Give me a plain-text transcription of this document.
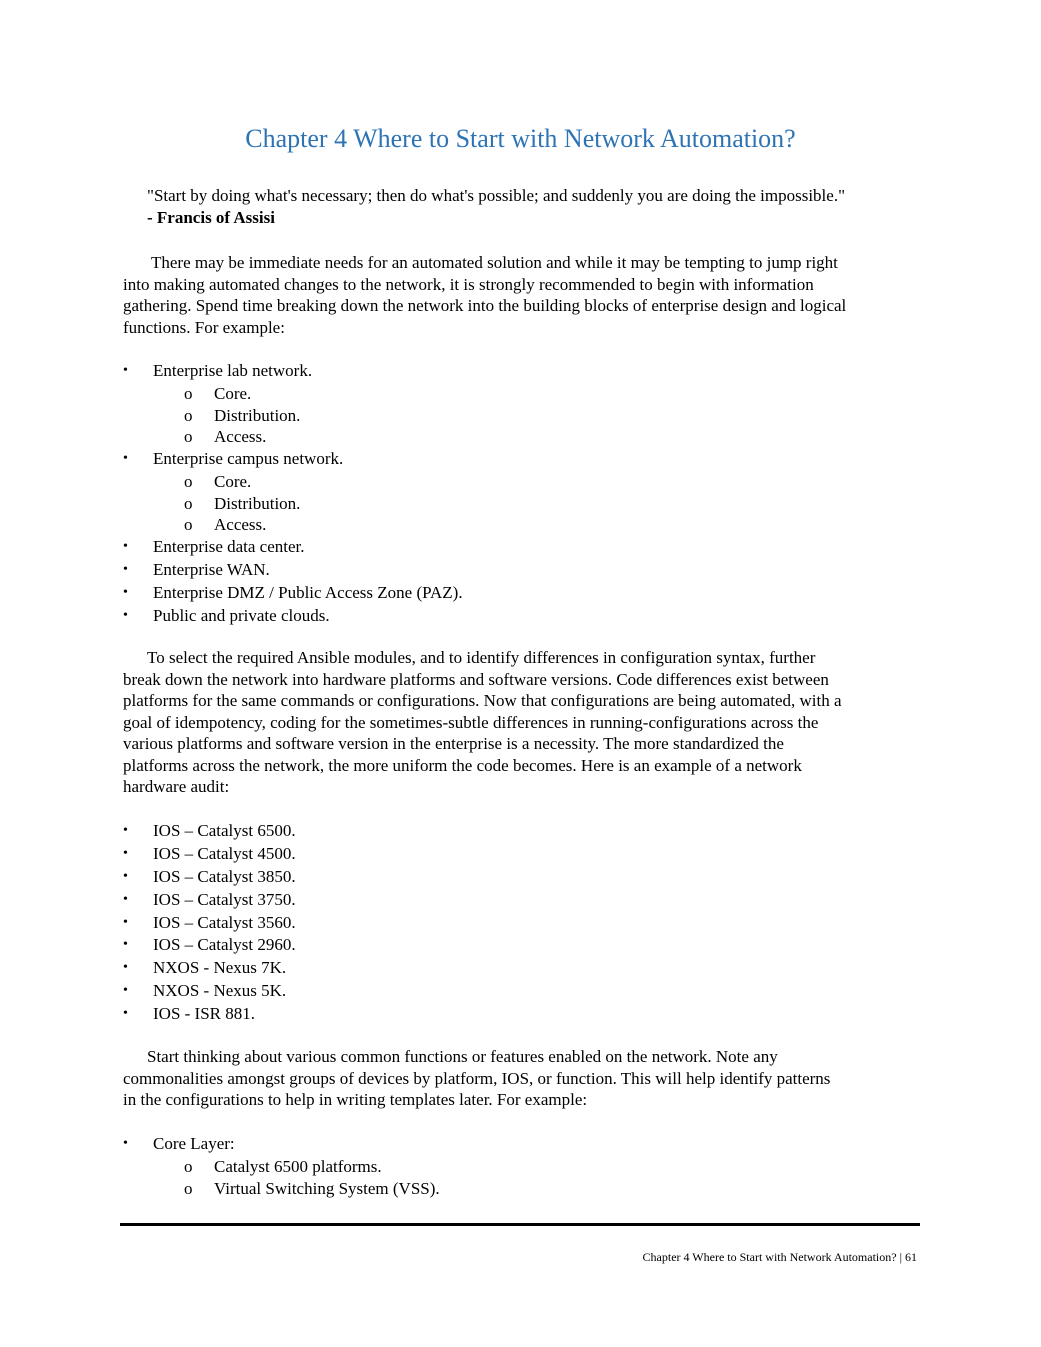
Chapter 4 Where to Start with Network Automation?
"Start by doing what's necessary; then do what's possible; and suddenly you are doing the impossible."
- Francis of Assisi
There may be immediate needs for an automated solution and while it may be tempting to jump right
into making automated changes to the network, it is strongly recommended to begin with information
gathering. Spend time breaking down the network into the building blocks of enterprise design and logical
functions. For example:
• Enterprise lab network.
o Core.
o Distribution.
o Access.
• Enterprise campus network.
o Core.
o Distribution.
o Access.
• Enterprise data center.
• Enterprise WAN.
• Enterprise DMZ / Public Access Zone (PAZ).
• Public and private clouds.
To select the required Ansible modules, and to identify differences in configuration syntax, further
break down the network into hardware platforms and software versions. Code differences exist between
platforms for the same commands or configurations. Now that configurations are being automated, with a
goal of idempotency, coding for the sometimes-subtle differences in running-configurations across the
various platforms and software version in the enterprise is a necessity. The more standardized the
platforms across the network, the more uniform the code becomes. Here is an example of a network
hardware audit:
• IOS – Catalyst 6500.
• IOS – Catalyst 4500.
• IOS – Catalyst 3850.
• IOS – Catalyst 3750.
• IOS – Catalyst 3560.
• IOS – Catalyst 2960.
• NXOS - Nexus 7K.
• NXOS - Nexus 5K.
• IOS - ISR 881.
Start thinking about various common functions or features enabled on the network. Note any
commonalities amongst groups of devices by platform, IOS, or function. This will help identify patterns
in the configurations to help in writing templates later. For example:
• Core Layer:
o Catalyst 6500 platforms.
o Virtual Switching System (VSS).
Chapter 4 Where to Start with Network Automation? | 61
